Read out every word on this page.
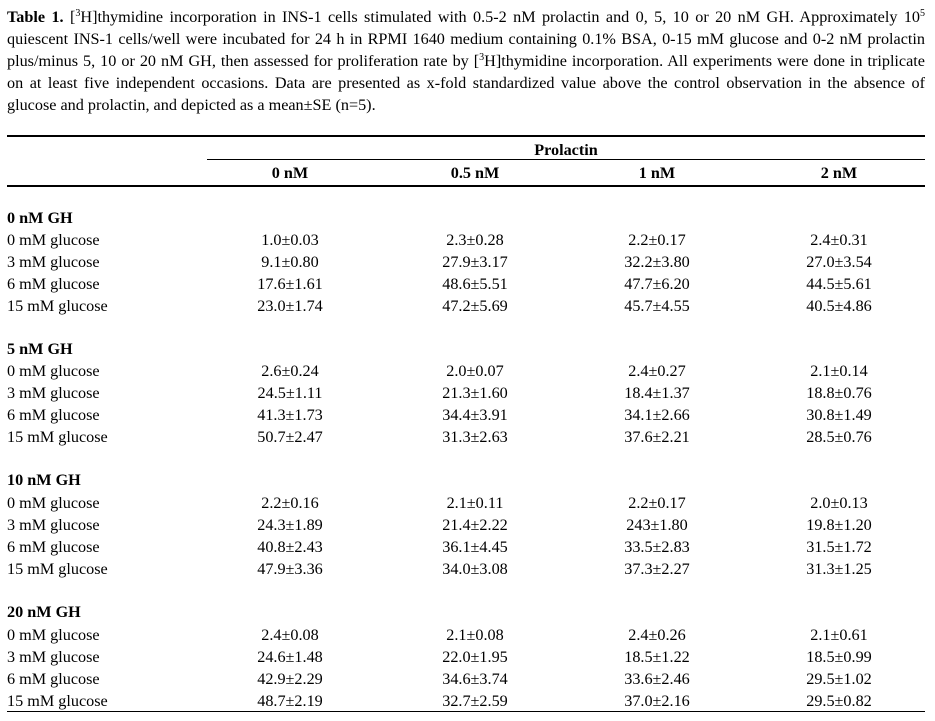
Table 1. [$^3$H]thymidine incorporation in INS-1 cells stimulated with 0.5-2 nM prolactin and 0, 5, 10 or 20 nM GH. Approximately $10^5$ quiescent INS-1 cells/well were incubated for 24 h in RPMI 1640 medium containing 0.1% BSA, 0-15 mM glucose and 0-2 nM prolactin plus/minus 5, 10 or 20 nM GH, then assessed for proliferation rate by [$^3$H]thymidine incorporation. All experiments were done in triplicate on at least five independent occasions. Data are presented as x-fold standardized value above the control observation in the absence of glucose and prolactin, and depicted as a mean±SE (n=5).
Prolactin
0 nM	0.5 nM	1 nM	2 nM
0 nM GH
0 mM glucose	1.0±0.03	2.3±0.28	2.2±0.17	2.4±0.31
3 mM glucose	9.1±0.80	27.9±3.17	32.2±3.80	27.0±3.54
6 mM glucose	17.6±1.61	48.6±5.51	47.7±6.20	44.5±5.61
15 mM glucose	23.0±1.74	47.2±5.69	45.7±4.55	40.5±4.86
5 nM GH
0 mM glucose	2.6±0.24	2.0±0.07	2.4±0.27	2.1±0.14
3 mM glucose	24.5±1.11	21.3±1.60	18.4±1.37	18.8±0.76
6 mM glucose	41.3±1.73	34.4±3.91	34.1±2.66	30.8±1.49
15 mM glucose	50.7±2.47	31.3±2.63	37.6±2.21	28.5±0.76
10 nM GH
0 mM glucose	2.2±0.16	2.1±0.11	2.2±0.17	2.0±0.13
3 mM glucose	24.3±1.89	21.4±2.22	243±1.80	19.8±1.20
6 mM glucose	40.8±2.43	36.1±4.45	33.5±2.83	31.5±1.72
15 mM glucose	47.9±3.36	34.0±3.08	37.3±2.27	31.3±1.25
20 nM GH
0 mM glucose	2.4±0.08	2.1±0.08	2.4±0.26	2.1±0.61
3 mM glucose	24.6±1.48	22.0±1.95	18.5±1.22	18.5±0.99
6 mM glucose	42.9±2.29	34.6±3.74	33.6±2.46	29.5±1.02
15 mM glucose	48.7±2.19	32.7±2.59	37.0±2.16	29.5±0.82
